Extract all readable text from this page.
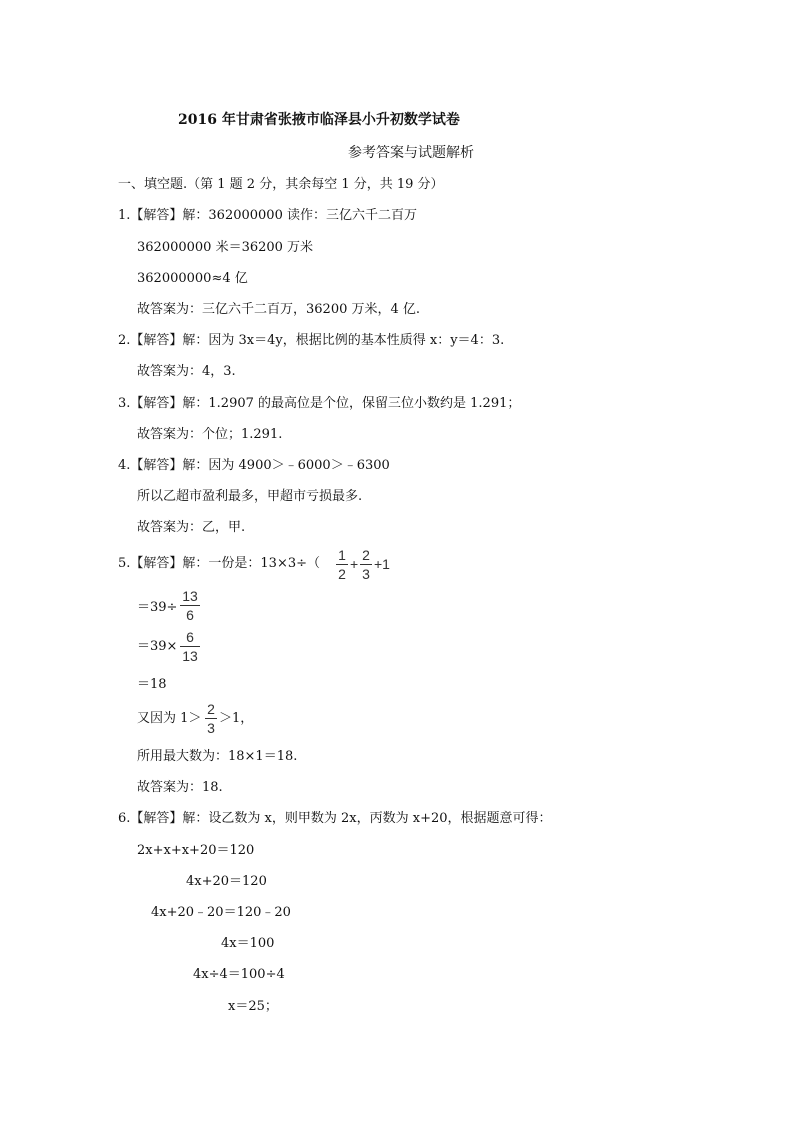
2016 年甘肃省张掖市临泽县小升初数学试卷
参考答案与试题解析
一、填空题.（第 1 题 2 分，其余每空 1 分，共 19 分）
1.【解答】解：362000000 读作：三亿六千二百万
362000000 米＝36200 万米
362000000≈4 亿
故答案为：三亿六千二百万，36200 万米，4 亿.
2.【解答】解：因为 3x＝4y，根据比例的基本性质得 x：y＝4：3.
故答案为：4，3.
3.【解答】解：1.2907 的最高位是个位，保留三位小数约是 1.291；
故答案为：个位；1.291.
4.【解答】解：因为 4900＞﹣6000＞﹣6300
所以乙超市盈利最多，甲超市亏损最多.
故答案为：乙，甲.
5.【解答】解：一份是：13×3÷（
1
2
+
2
3
+1
＝39÷
13
6
＝39×
6
13
＝18
又因为 1＞
2
3
＞1，
所用最大数为：18×1＝18.
故答案为：18.
6.【解答】解：设乙数为 x，则甲数为 2x，丙数为 x+20，根据题意可得：
2x+x+x+20＝120
4x+20＝120
4x+20﹣20＝120﹣20
4x＝100
4x÷4＝100÷4
x＝25；
